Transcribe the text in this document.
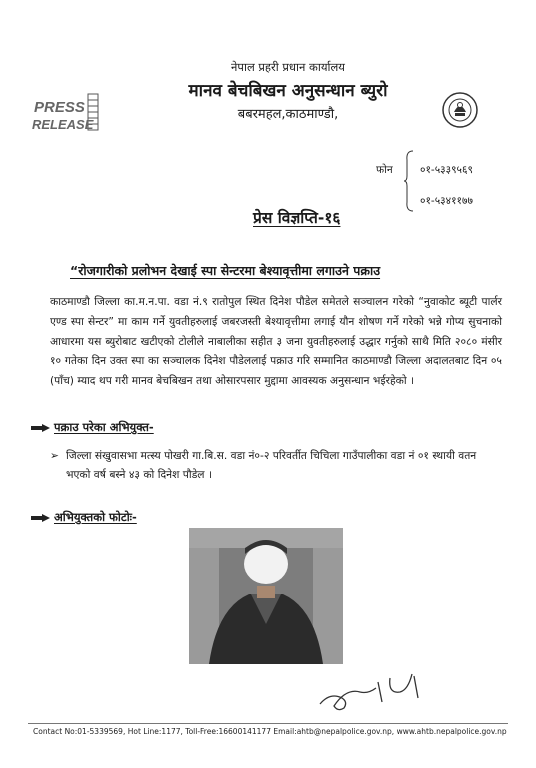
PRESS
RELEASE
नेपाल प्रहरी प्रधान कार्यालय
मानव बेचबिखन अनुसन्धान ब्युरो
बबरमहल,काठमाण्डौ,
फोन	०१-५३३९५६९
०१-५३४११७७
प्रेस विज्ञप्ति-१६
“रोजगारीको प्रलोभन देखाई स्पा सेन्टरमा बेश्यावृत्तीमा लगाउने पक्राउ
काठमाण्डौ जिल्ला का.म.न.पा. वडा नं.९ रातोपुल स्थित दिनेश पौडेल समेतले सञ्चालन गरेको “नुवाकोट ब्यूटी पार्लर एण्ड स्पा सेन्टर” मा काम गर्ने युवतीहरुलाई जबरजस्ती बेश्यावृत्तीमा लगाई यौन शोषण गर्ने गरेको भन्ने गोप्य सुचनाको आधारमा यस ब्युरोबाट खटीएको टोलीले नाबालीका सहीत ३ जना युवतीहरुलाई उद्धार गर्नुको साथै मिति २०८० मंसीर १० गतेका दिन उक्त स्पा का सञ्चालक दिनेश पौडेललाई पक्राउ गरि सम्मानित काठमाण्डौ जिल्ला अदालतबाट दिन ०५ (पाँच) म्याद थप गरी मानव बेचबिखन तथा ओसारपसार मुद्दामा आवस्यक अनुसन्धान भईरहेको ।
पक्राउ परेका अभियुक्त-
➢ जिल्ला संखुवासभा मत्स्य पोखरी गा.बि.स. वडा नं०-२ परिवर्तीत चिचिला गाउँपालीका वडा नं ०१ स्थायी वतन भएको वर्ष बस्ने ४३ को दिनेश पौडेल ।
अभियुक्तको फोटोः-
Contact No:01-5339569, Hot Line:1177, Toll-Free:16600141177 Email:ahtb@nepalpolice.gov.np, www.ahtb.nepalpolice.gov.np
